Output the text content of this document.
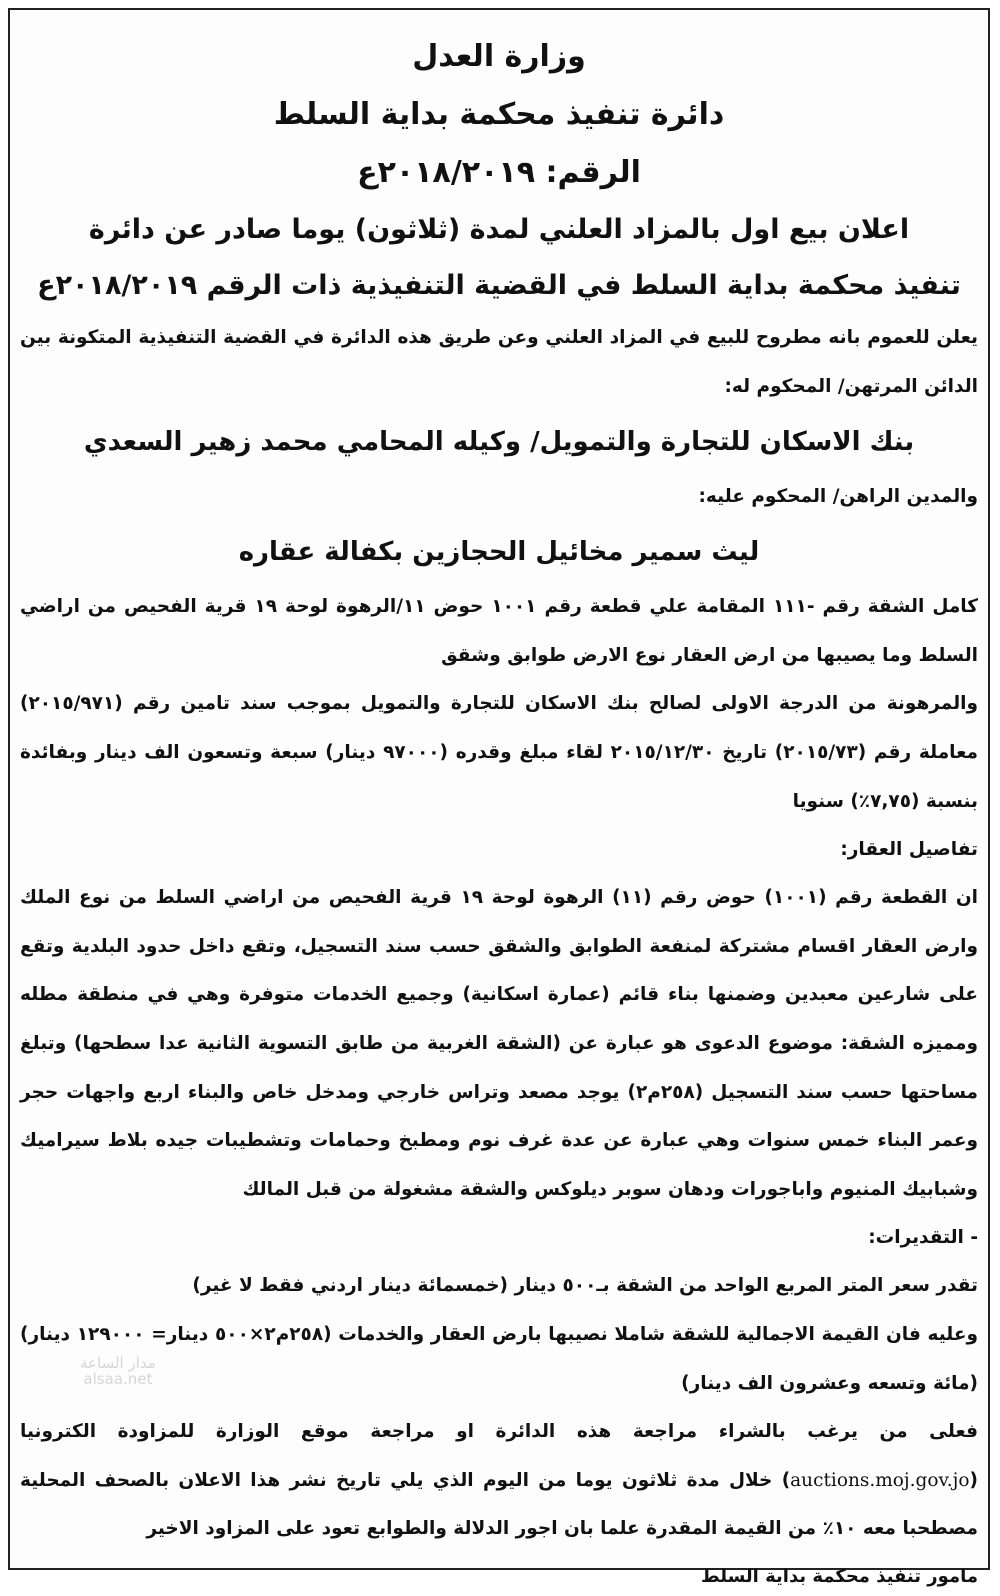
وزارة العدل

دائرة تنفيذ محكمة بداية السلط

الرقم: ٢٠١٨/٢٠١٩ع

اعلان بيع اول بالمزاد العلني لمدة (ثلاثون) يوما صادر عن دائرة

تنفيذ محكمة بداية السلط في القضية التنفيذية ذات الرقم ٢٠١٨/٢٠١٩ع

يعلن للعموم بانه مطروح للبيع في المزاد العلني وعن طريق هذه الدائرة في القضية التنفيذية المتكونة بين الدائن المرتهن/ المحكوم له:

بنك الاسكان للتجارة والتمويل/ وكيله المحامي محمد زهير السعدي

والمدين الراهن/ المحكوم عليه:

ليث سمير مخائيل الحجازين بكفالة عقاره

كامل الشقة رقم -١١١ المقامة علي قطعة رقم ١٠٠١ حوض ١١/الرهوة لوحة ١٩ قرية الفحيص من اراضي السلط وما يصيبها من ارض العقار نوع الارض طوابق وشقق

والمرهونة من الدرجة الاولى لصالح بنك الاسكان للتجارة والتمويل بموجب سند تامين رقم (٢٠١٥/٩٧١) معاملة رقم (٢٠١٥/٧٣) تاريخ ٢٠١٥/١٢/٣٠ لقاء مبلغ وقدره (٩٧٠٠٠ دينار) سبعة وتسعون الف دينار وبفائدة بنسبة (٧,٧٥٪) سنويا

تفاصيل العقار:

ان القطعة رقم (١٠٠١) حوض رقم (١١) الرهوة لوحة ١٩ قرية الفحيص من اراضي السلط من نوع الملك وارض العقار اقسام مشتركة لمنفعة الطوابق والشقق حسب سند التسجيل، وتقع داخل حدود البلدية وتقع على شارعين معبدين وضمنها بناء قائم (عمارة اسكانية) وجميع الخدمات متوفرة وهي في منطقة مطله ومميزه الشقة: موضوع الدعوى هو عبارة عن (الشقة الغربية من طابق التسوية الثانية عدا سطحها) وتبلغ مساحتها حسب سند التسجيل (٢٥٨م٢) يوجد مصعد وتراس خارجي ومدخل خاص والبناء اربع واجهات حجر وعمر البناء خمس سنوات وهي عبارة عن عدة غرف نوم ومطبخ وحمامات وتشطيبات جيده بلاط سيراميك وشبابيك المنيوم واباجورات ودهان سوبر ديلوكس والشقة مشغولة من قبل المالك

- التقديرات:

تقدر سعر المتر المربع الواحد من الشقة بـ٥٠٠ دينار (خمسمائة دينار اردني فقط لا غير)

وعليه فان القيمة الاجمالية للشقة شاملا نصيبها بارض العقار والخدمات (٢٥٨م٢×٥٠٠ دينار= ١٢٩٠٠٠ دينار) (مائة وتسعه وعشرون الف دينار)

فعلى من يرغب بالشراء مراجعة هذه الدائرة او مراجعة موقع الوزارة للمزاودة الكترونيا (auctions.moj.gov.jo) خلال مدة ثلاثون يوما من اليوم الذي يلي تاريخ نشر هذا الاعلان بالصحف المحلية مصطحبا معه ١٠٪ من القيمة المقدرة علما بان اجور الدلالة والطوابع تعود على المزاود الاخير

مامور تنفيذ محكمة بداية السلط

مدار الساعة
alsaa.net
